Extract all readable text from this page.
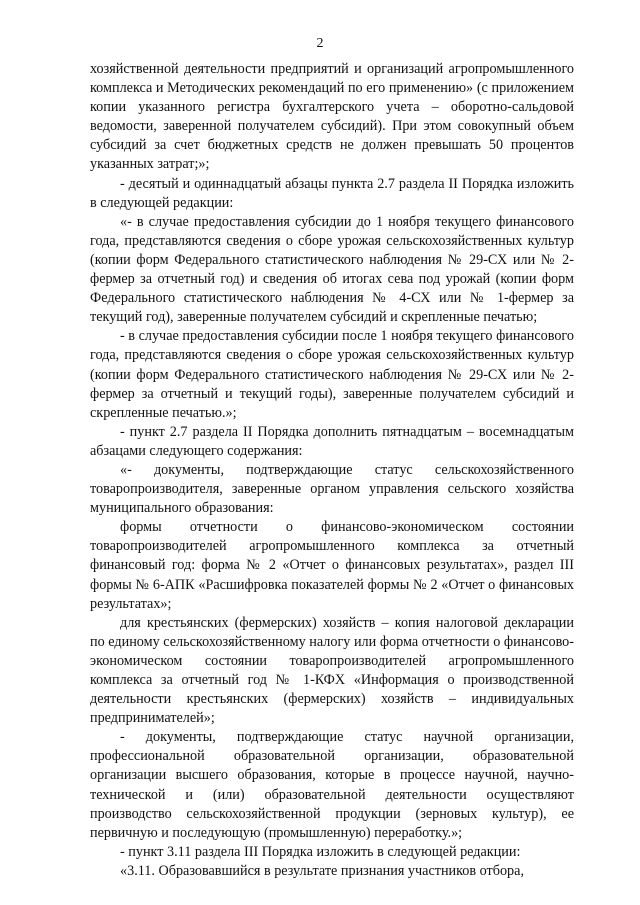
2

хозяйственной деятельности предприятий и организаций агропромышленного комплекса и Методических рекомендаций по его применению» (с приложением копии указанного регистра бухгалтерского учета – оборотно-сальдовой ведомости, заверенной получателем субсидий). При этом совокупный объем субсидий за счет бюджетных средств не должен превышать 50 процентов указанных затрат;»;

- десятый и одиннадцатый абзацы пункта 2.7 раздела II Порядка изложить в следующей редакции:

«- в случае предоставления субсидии до 1 ноября текущего финансового года, представляются сведения о сборе урожая сельскохозяйственных культур (копии форм Федерального статистического наблюдения № 29-СХ или № 2-фермер за отчетный год) и сведения об итогах сева под урожай (копии форм Федерального статистического наблюдения № 4-СХ или № 1-фермер за текущий год), заверенные получателем субсидий и скрепленные печатью;

- в случае предоставления субсидии после 1 ноября текущего финансового года, представляются сведения о сборе урожая сельскохозяйственных культур (копии форм Федерального статистического наблюдения № 29-СХ или № 2-фермер за отчетный и текущий годы), заверенные получателем субсидий и скрепленные печатью.»;

- пункт 2.7 раздела II Порядка дополнить пятнадцатым – восемнадцатым абзацами следующего содержания:

«- документы, подтверждающие статус сельскохозяйственного товаропроизводителя, заверенные органом управления сельского хозяйства муниципального образования:

формы отчетности о финансово-экономическом состоянии товаропроизводителей агропромышленного комплекса за отчетный финансовый год: форма № 2 «Отчет о финансовых результатах», раздел III формы № 6-АПК «Расшифровка показателей формы № 2 «Отчет о финансовых результатах»;

для крестьянских (фермерских) хозяйств – копия налоговой декларации по единому сельскохозяйственному налогу или форма отчетности о финансово-экономическом состоянии товаропроизводителей агропромышленного комплекса за отчетный год № 1-КФХ «Информация о производственной деятельности крестьянских (фермерских) хозяйств – индивидуальных предпринимателей»;

- документы, подтверждающие статус научной организации, профессиональной образовательной организации, образовательной организации высшего образования, которые в процессе научной, научно-технической и (или) образовательной деятельности осуществляют производство сельскохозяйственной продукции (зерновых культур), ее первичную и последующую (промышленную) переработку.»;

- пункт 3.11 раздела III Порядка изложить в следующей редакции:

«3.11. Образовавшийся в результате признания участников отбора,
